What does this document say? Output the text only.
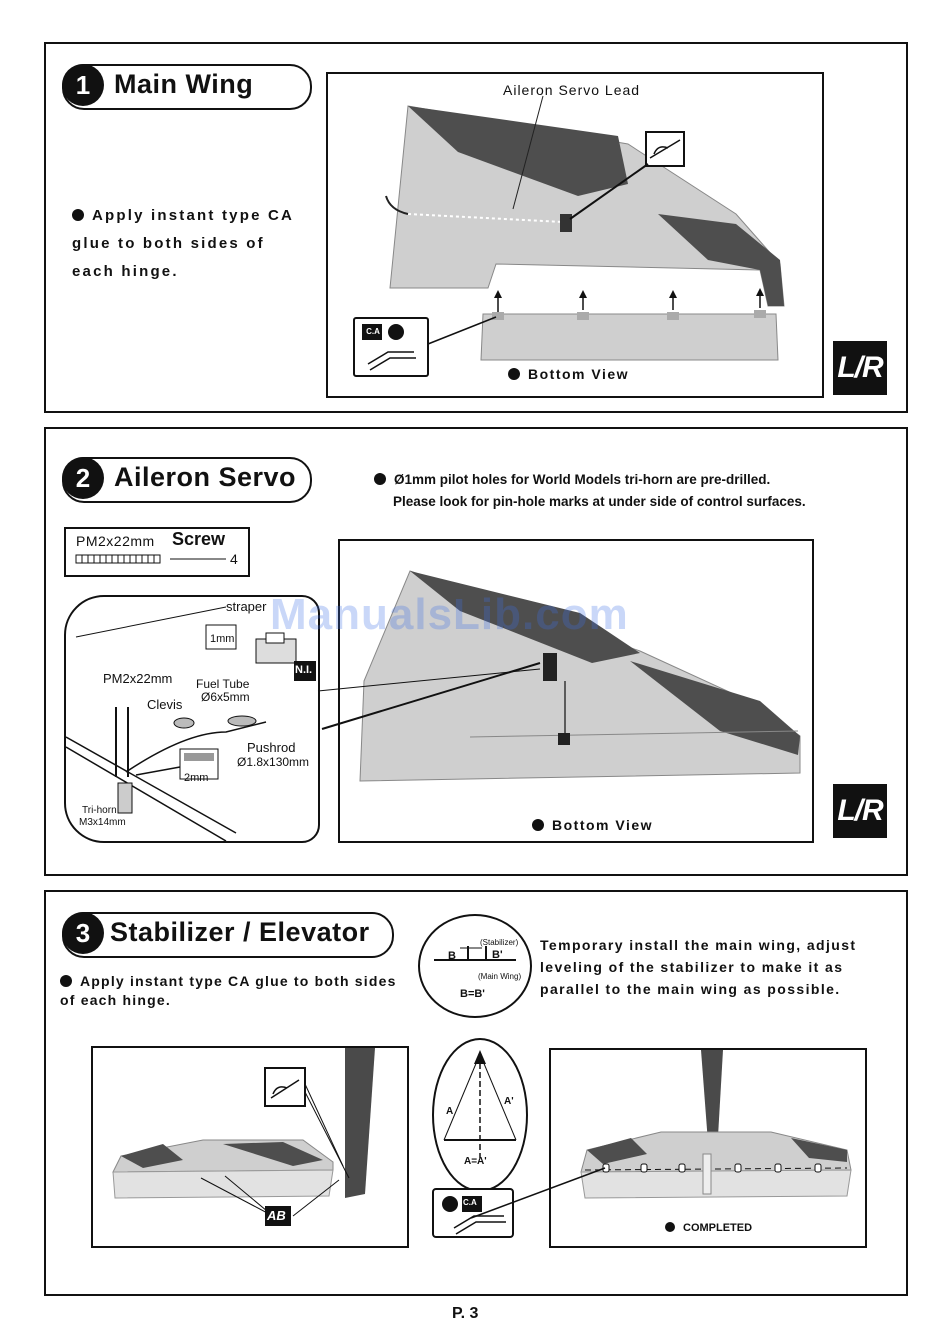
1 Main Wing
Apply instant type CA glue to both sides of each hinge.
Aileron Servo Lead
C.A
Bottom View	L/R
2 Aileron Servo	Ø1mm pilot holes for World Models tri-horn are pre-drilled.
Please look for pin-hole marks at under side of control surfaces.
PM2x22mm Screw
4
straper
1mm
N.I.
PM2x22mm Fuel Tube
Ø6x5mm
Clevis
Pushrod
Ø1.8x130mm
2mm
Tri-horn
M3x14mm	Bottom View	L/R
3 Stabilizer / Elevator
Apply instant type CA glue to both sides of each hinge.
B	B'
(Stabilizer)
(Main Wing)
B=B'
Temporary install the main wing, adjust leveling of the stabilizer to make it as parallel to the main wing as possible.
AB
A
A'
A=A'
C.A
COMPLETED
ManualsLib.com
P. 3
